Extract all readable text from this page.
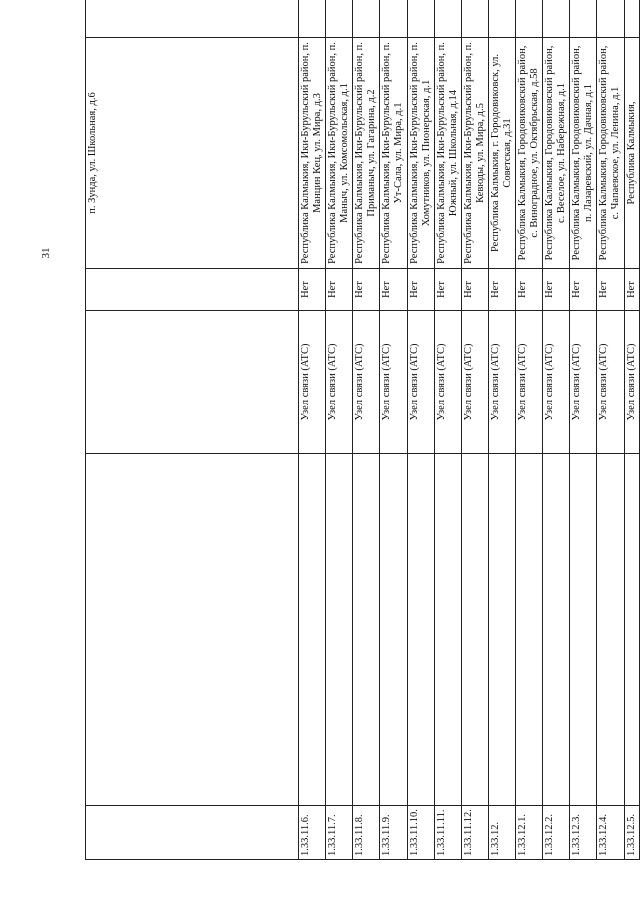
31
				п. Зунда, ул. Школьная, д.6	
1.33.11.6.		Узел связи (АТС)	Нет	Республика Калмыкия, Ики-Бурульский район, п. Манцин Кец, ул. Мира, д.3	
1.33.11.7.		Узел связи (АТС)	Нет	Республика Калмыкия, Ики-Бурульский район, п. Маныч, ул. Комсомольская, д.1	
1.33.11.8.		Узел связи (АТС)	Нет	Республика Калмыкия, Ики-Бурульский район, п. Приманыч, ул. Гагарина, д.2	
1.33.11.9.		Узел связи (АТС)	Нет	Республика Калмыкия, Ики-Бурульский район, п. Ут-Сала, ул. Мира, д.1	
1.33.11.10.		Узел связи (АТС)	Нет	Республика Калмыкия, Ики-Бурульский район, п. Хомутников, ул. Пионерская, д.1	
1.33.11.11.		Узел связи (АТС)	Нет	Республика Калмыкия, Ики-Бурульский район, п. Южный, ул. Школьная, д.14	
1.33.11.12.		Узел связи (АТС)	Нет	Республика Калмыкия, Ики-Бурульский район, п. Кевюды, ул. Мира, д.5	
1.33.12.		Узел связи (АТС)	Нет	Республика Калмыкия, г. Городовиковск, ул. Советская, д.31	
1.33.12.1.		Узел связи (АТС)	Нет	Республика Калмыкия, Городовиковский район, с. Виноградное, ул. Октябрьская, д.58	
1.33.12.2.		Узел связи (АТС)	Нет	Республика Калмыкия, Городовиковский район, с. Веселое, ул. Набережная, д.1	
1.33.12.3.		Узел связи (АТС)	Нет	Республика Калмыкия, Городовиковский район, п. Лазаревский, ул. Дачная, д.1	
1.33.12.4.		Узел связи (АТС)	Нет	Республика Калмыкия, Городовиковский район, с. Чапаевское, ул. Ленина, д.1	
1.33.12.5.		Узел связи (АТС)	Нет	Республика Калмыкия,	
